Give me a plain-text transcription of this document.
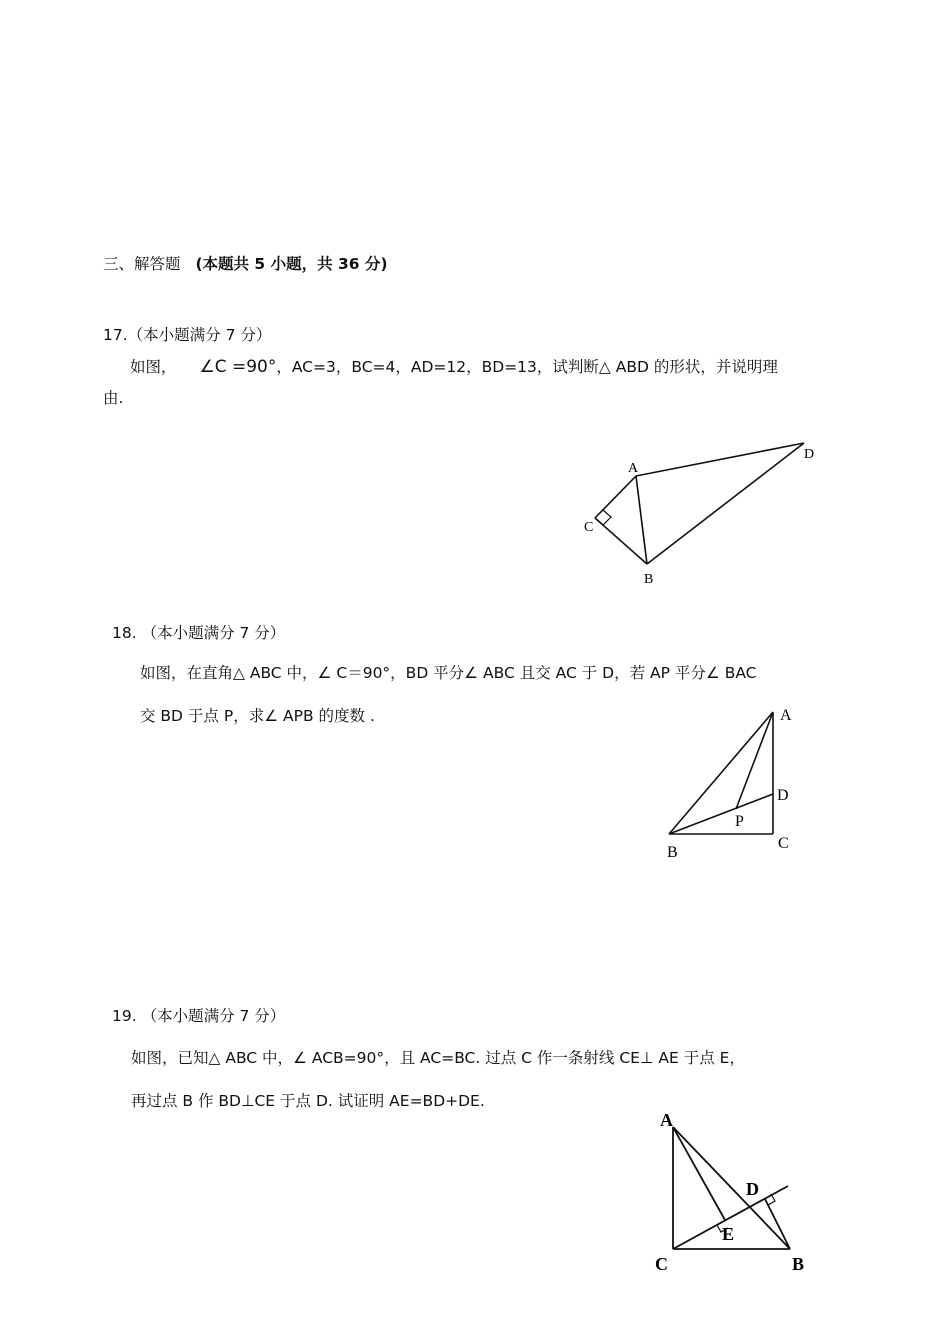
三、解答题 (本题共 5 小题，共 36 分)
17.（本小题满分 7 分）
如图， ∠C =90°，AC=3，BC=4，AD=12，BD=13，试判断△ ABD 的形状，并说明理
由.
A
C
B
D
18. （本小题满分 7 分）
如图，在直角△ ABC 中，∠ C＝90°，BD 平分∠ ABC 且交 AC 于 D，若 AP 平分∠ BAC
交 BD 于点 P，求∠ APB 的度数 .	A
D
P
C
B
19. （本小题满分 7 分）
如图，已知△ ABC 中，∠ ACB=90°，且 AC=BC. 过点 C 作一条射线 CE⊥ AE 于点 E，
再过点 B 作 BD⊥CE 于点 D. 试证明 AE=BD+DE.
A
D
E
C	B
